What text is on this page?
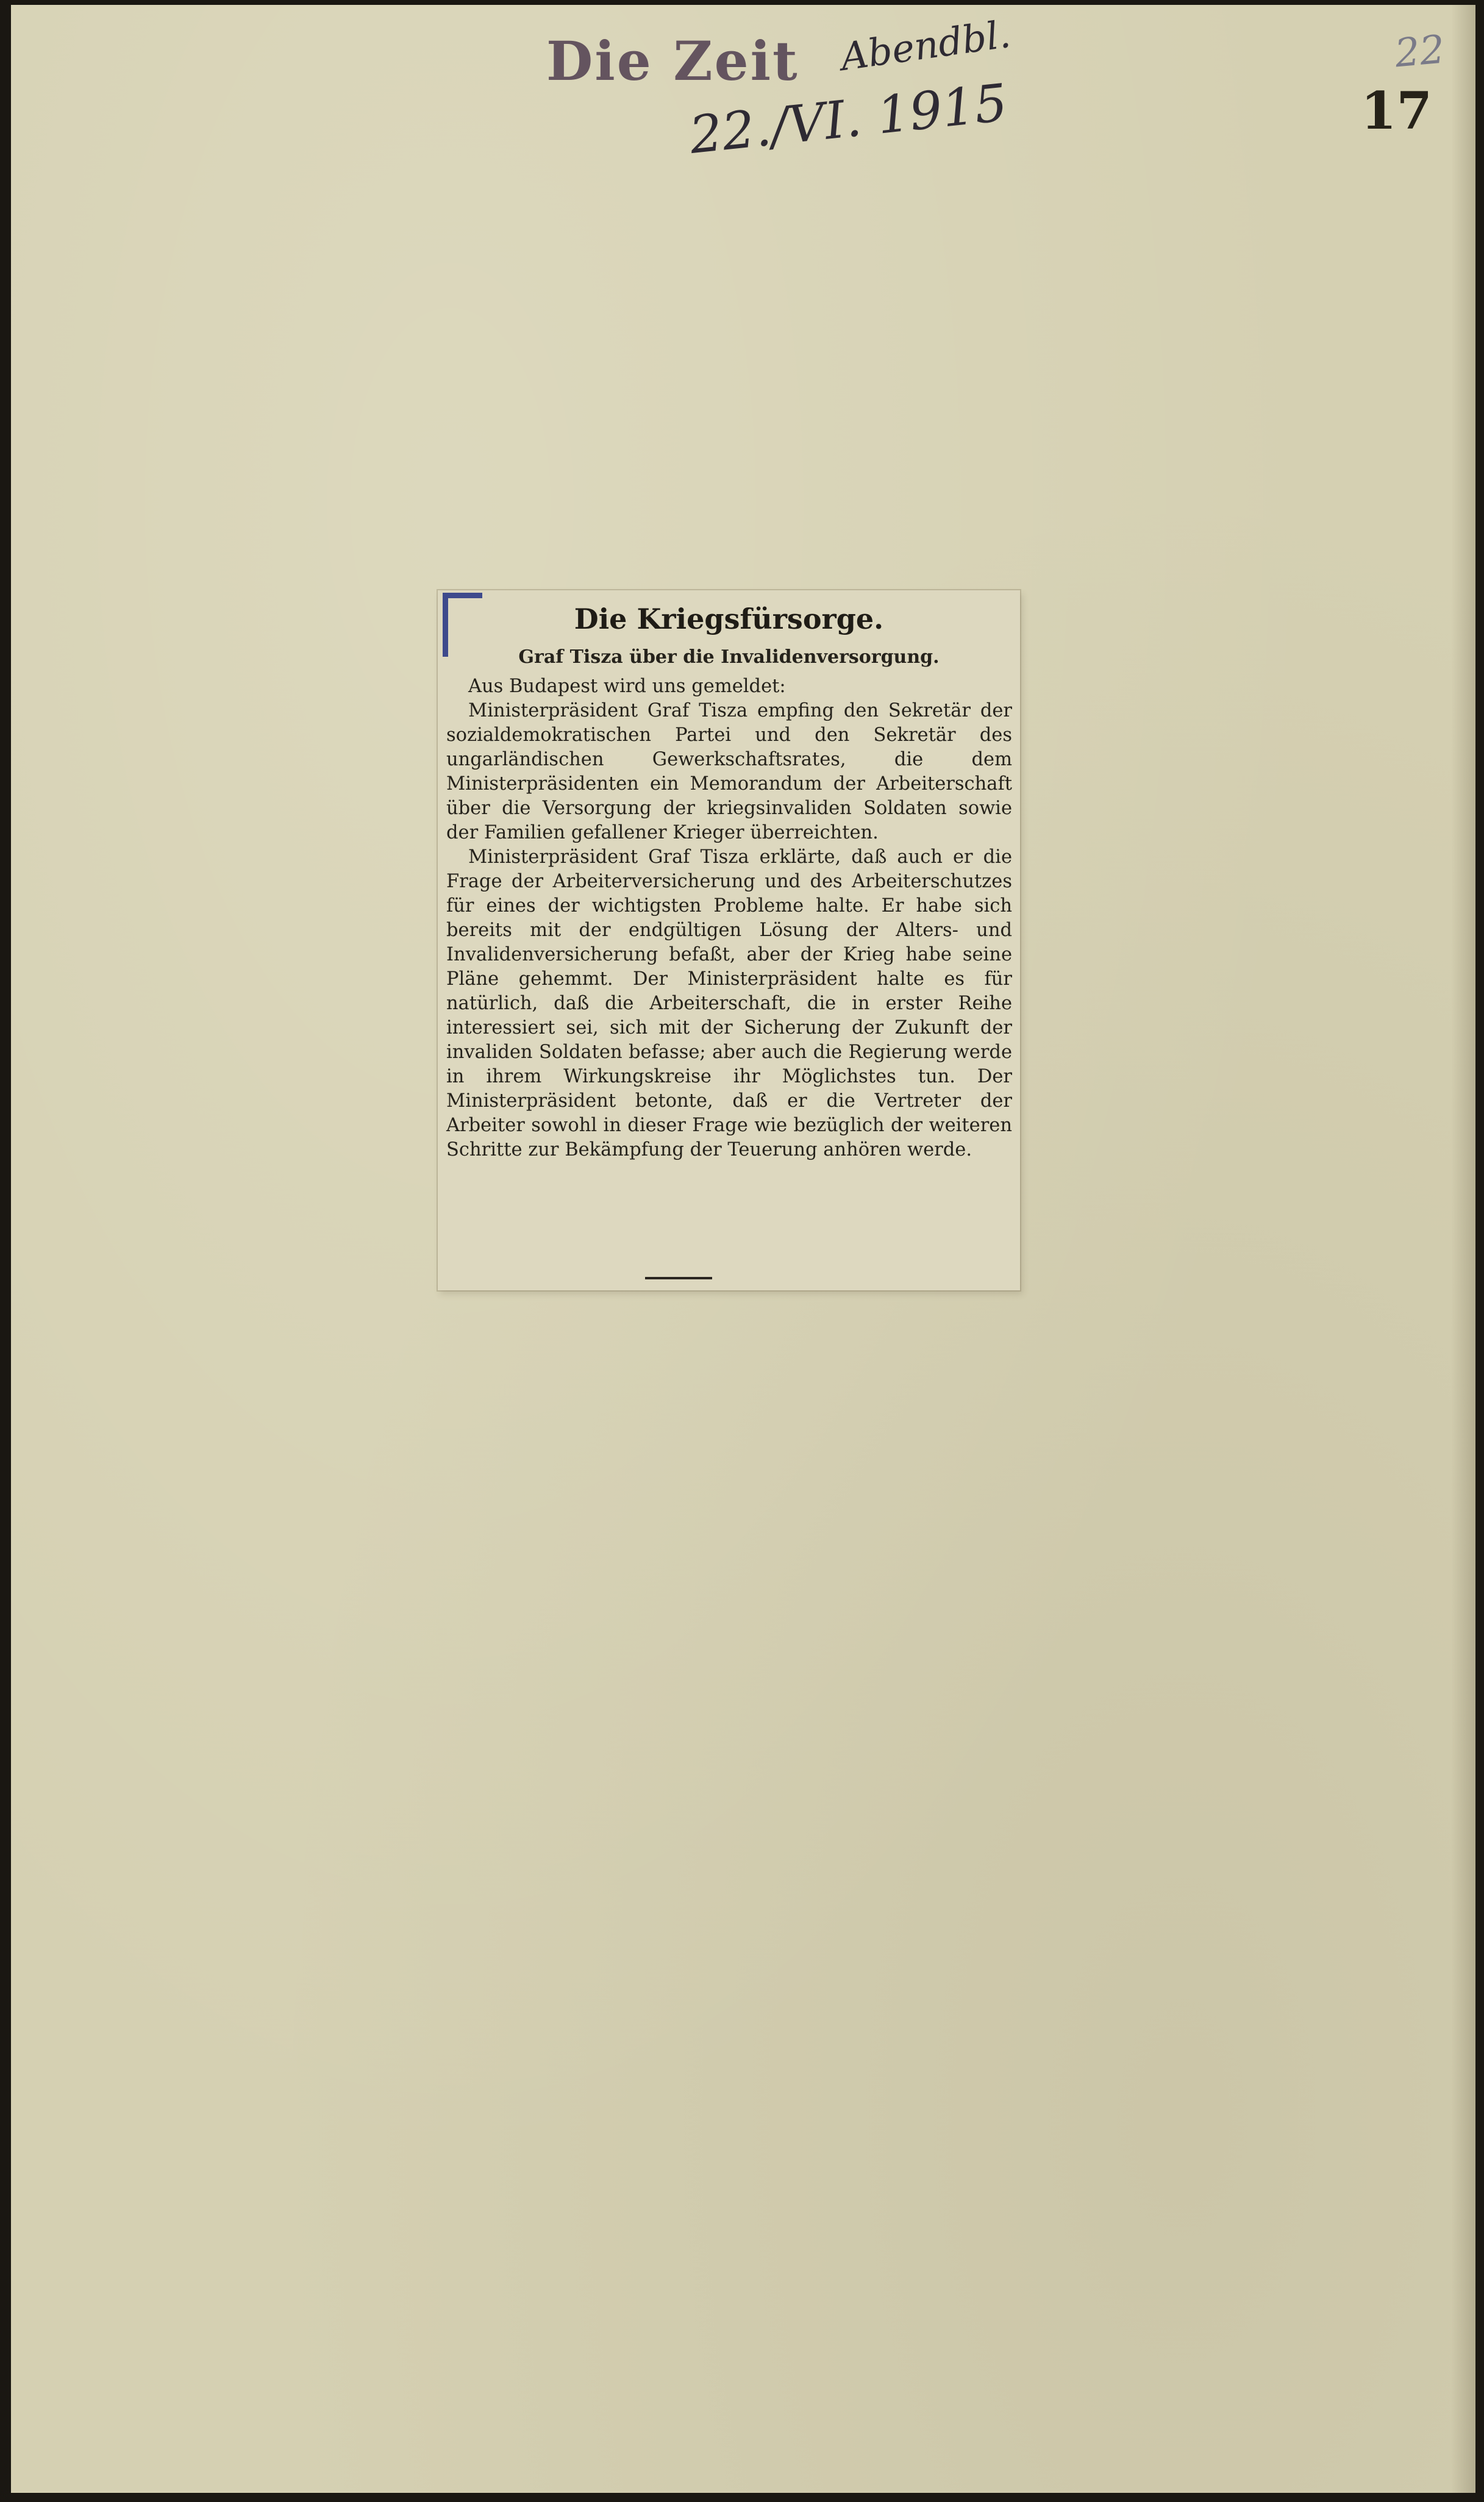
Die Zeit Abendbl.
22./VI. 1915
22
17
Die Kriegsfürsorge.
Graf Tisza über die Invalidenversorgung.

Aus Budapest wird uns gemeldet:

Ministerpräsident Graf Tisza empfing den Sekretär der sozialdemokratischen Partei und den Sekretär des ungarländischen Gewerkschaftsrates, die dem Ministerpräsidenten ein Memorandum der Arbeiterschaft über die Versorgung der kriegsinvaliden Soldaten sowie der Familien gefallener Krieger überreichten.

Ministerpräsident Graf Tisza erklärte, daß auch er die Frage der Arbeiterversicherung und des Arbeiterschutzes für eines der wichtigsten Probleme halte. Er habe sich bereits mit der endgültigen Lösung der Alters- und Invalidenversicherung befaßt, aber der Krieg habe seine Pläne gehemmt. Der Ministerpräsident halte es für natürlich, daß die Arbeiterschaft, die in erster Reihe interessiert sei, sich mit der Sicherung der Zukunft der invaliden Soldaten befasse; aber auch die Regierung werde in ihrem Wirkungskreise ihr Möglichstes tun. Der Ministerpräsident betonte, daß er die Vertreter der Arbeiter sowohl in dieser Frage wie bezüglich der weiteren Schritte zur Bekämpfung der Teuerung anhören werde.
